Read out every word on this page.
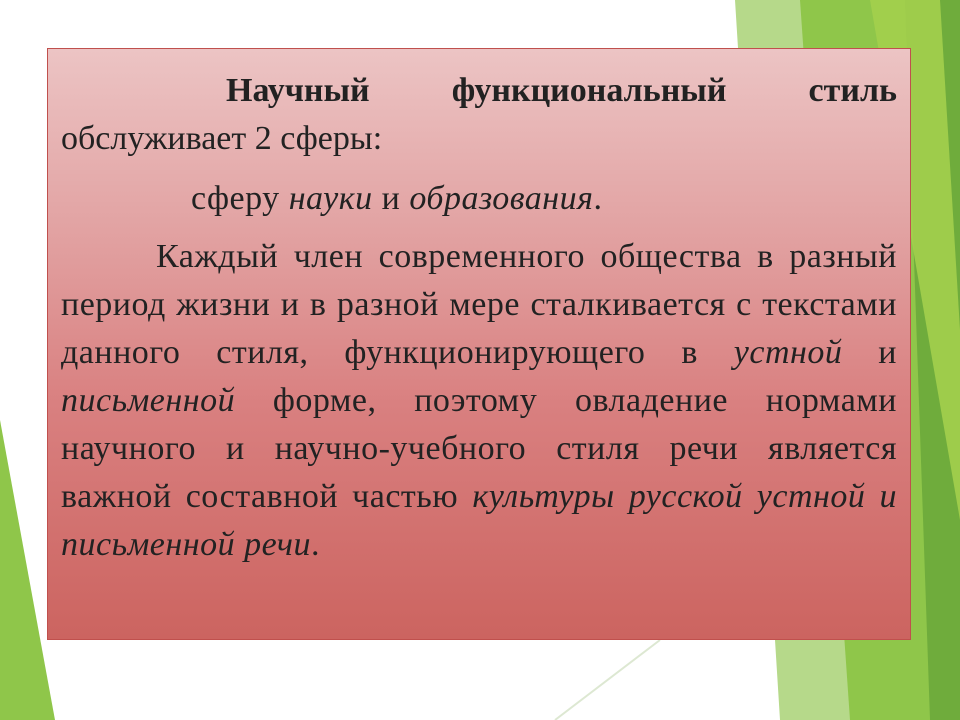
Научный функциональный стиль обслуживает 2 сферы:

сферу науки и образования.

Каждый член современного общества в разный период жизни и в разной мере сталкивается с текстами данного стиля, функционирующего в устной и письменной форме, поэтому овладение нормами научного и научно-учебного стиля речи является важной составной частью культуры русской устной и письменной речи.
